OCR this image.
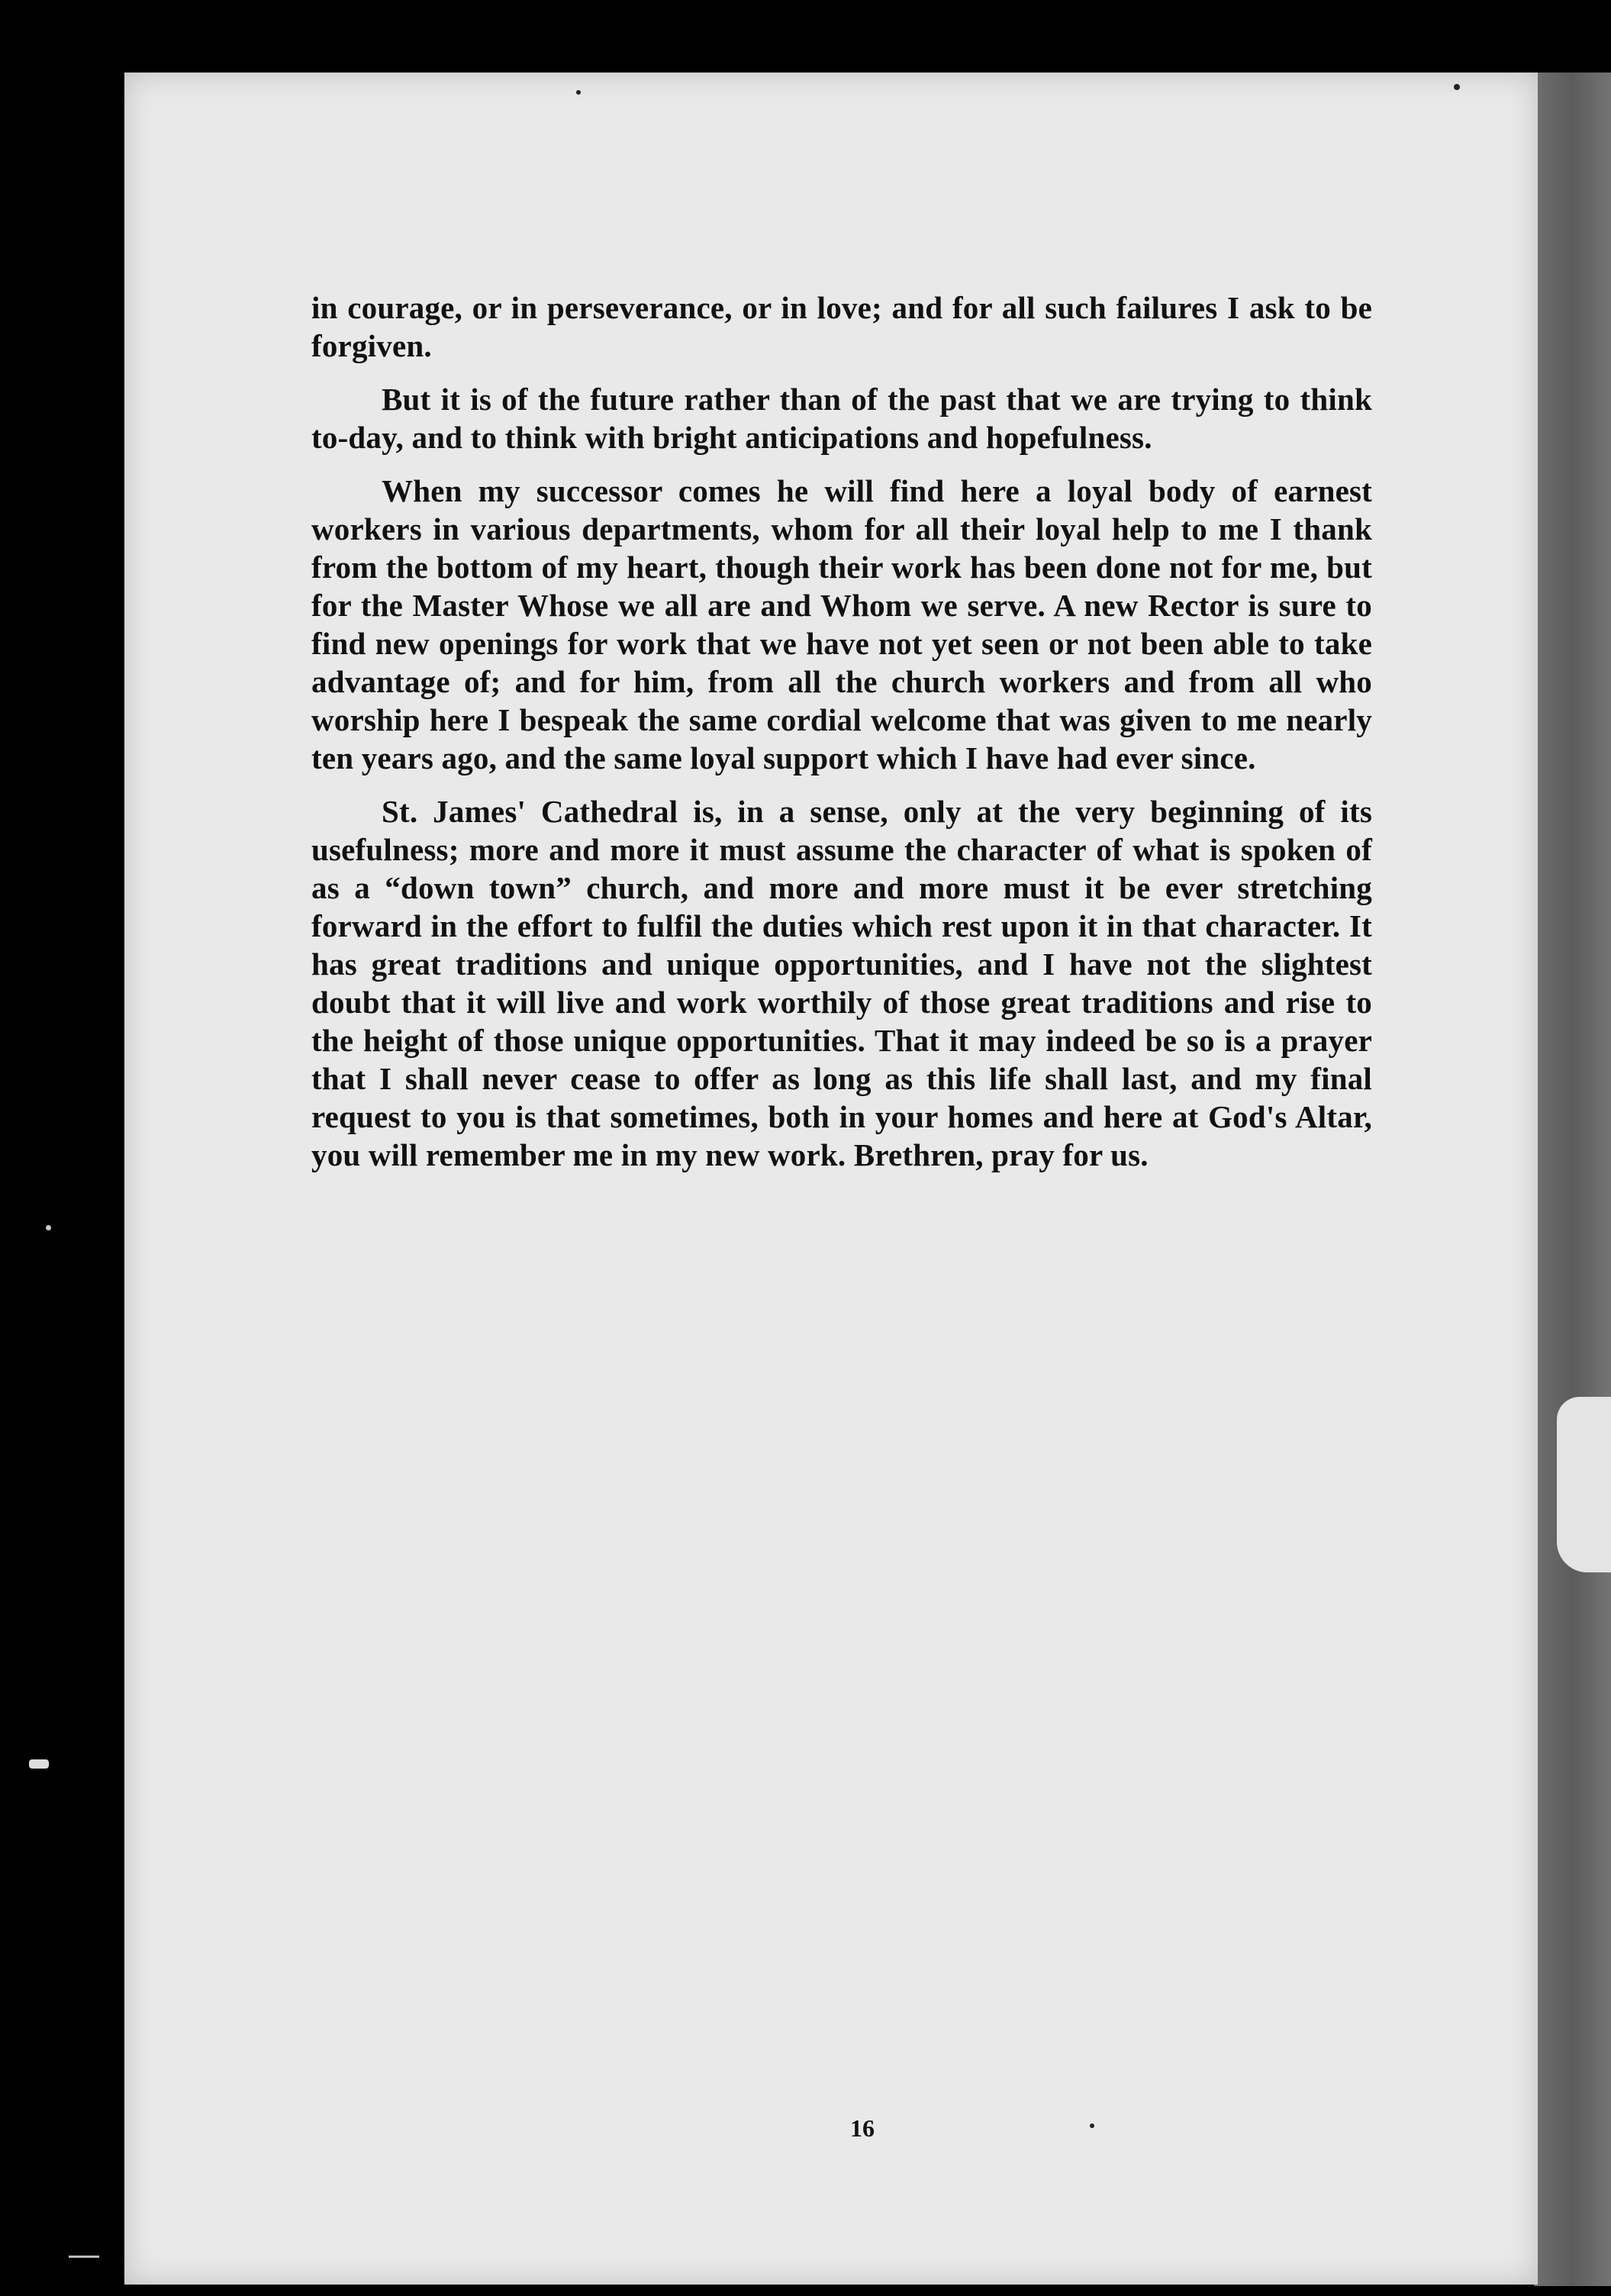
in courage, or in perseverance, or in love; and for all such failures I ask to be forgiven.

But it is of the future rather than of the past that we are trying to think to-day, and to think with bright anticipations and hopefulness.

When my successor comes he will find here a loyal body of earnest workers in various departments, whom for all their loyal help to me I thank from the bottom of my heart, though their work has been done not for me, but for the Master Whose we all are and Whom we serve. A new Rector is sure to find new openings for work that we have not yet seen or not been able to take advantage of; and for him, from all the church workers and from all who worship here I bespeak the same cordial welcome that was given to me nearly ten years ago, and the same loyal support which I have had ever since.

St. James' Cathedral is, in a sense, only at the very beginning of its usefulness; more and more it must assume the character of what is spoken of as a “down town” church, and more and more must it be ever stretching forward in the effort to fulfil the duties which rest upon it in that character. It has great traditions and unique opportunities, and I have not the slightest doubt that it will live and work worthily of those great traditions and rise to the height of those unique opportunities. That it may indeed be so is a prayer that I shall never cease to offer as long as this life shall last, and my final request to you is that sometimes, both in your homes and here at God's Altar, you will remember me in my new work. Brethren, pray for us.

16
